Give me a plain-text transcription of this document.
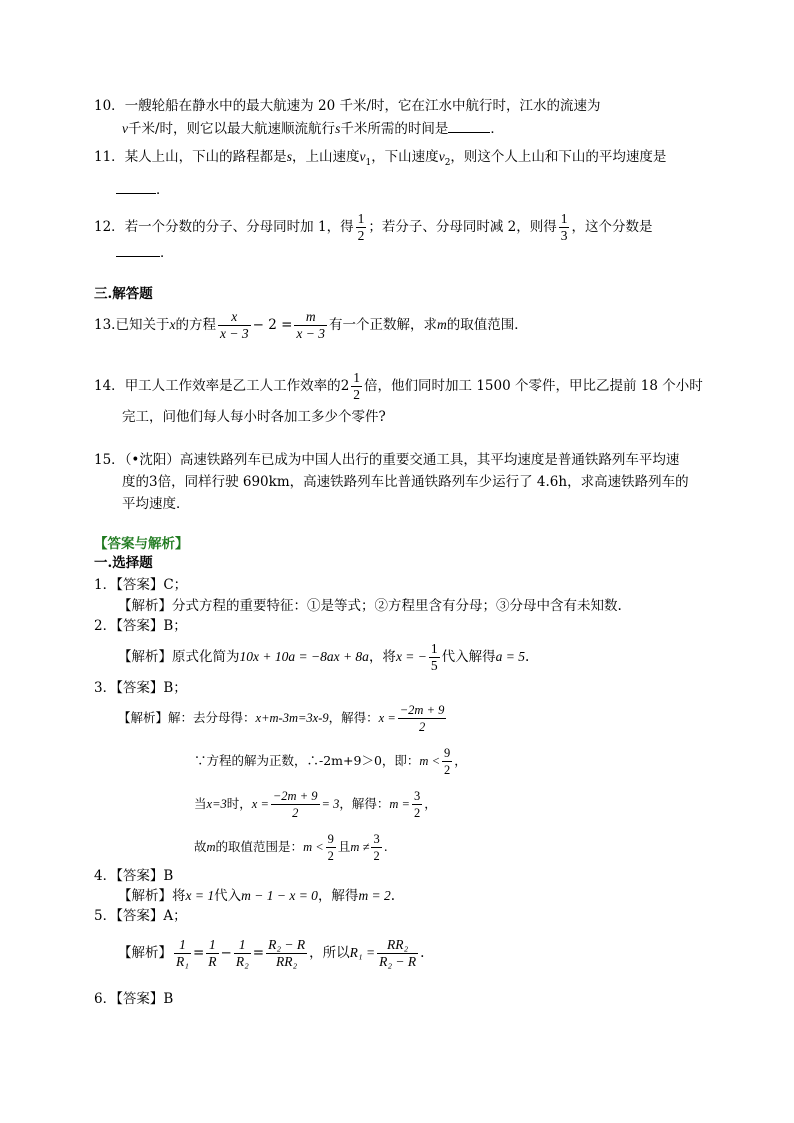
10．一艘轮船在静水中的最大航速为 20 千米/时，它在江水中航行时，江水的流速为
v千米/时，则它以最大航速顺流航行s千米所需的时间是	．
11．某人上山，下山的路程都是s，上山速度$v_1$，下山速度$v_2$，则这个人上山和下山的平均速度是
．
12．若一个分数的分子、分母同时加 1，得 $\frac{1}{2}$ ；若分子、分母同时减 2，则得 $\frac{1}{3}$ ，这个分数是
．
三.解答题
13.已知关于x的方程 $\frac{x}{x - 3} - 2 = \frac{m}{x - 3}$ 有一个正数解，求m的取值范围．
14．甲工人工作效率是乙工人工作效率的$2 \frac{1}{2}$ 倍，他们同时加工 1500 个零件，甲比乙提前 18 个小时
完工，问他们每人每小时各加工多少个零件?
15．（•沈阳）高速铁路列车已成为中国人出行的重要交通工具，其平均速度是普通铁路列车平均速
度的3倍，同样行驶 690km，高速铁路列车比普通铁路列车少运行了 4.6h，求高速铁路列车的
平均速度．
【答案与解析】
一.选择题
1．【答案】C；
【解析】分式方程的重要特征：①是等式；②方程里含有分母；③分母中含有未知数.
2．【答案】B；
【解析】原式化简为10x + 10a = −8ax + 8a，将x = − $\frac{1}{5}$ 代入解得a = 5.
3．【答案】B；
【解析】解：去分母得：x+m-3m=3x-9，解得：$x = \frac{-2m + 9}{2}$
∵方程的解为正数，∴-2m+9＞0，即：$m < \frac{9}{2}$ ，
当x=3时，$x = \frac{-2m + 9}{2} = 3$，解得：$m = \frac{3}{2}$ ，
故m的取值范围是：$m < \frac{9}{2}$ 且$m \ne \frac{3}{2}$ .
4．【答案】B
【解析】将x = 1代入m − 1 − x = 0，解得m = 2.
5．【答案】A；
【解析】 $\frac{1}{\text{R₁}} = \frac{1}{R} - \frac{1}{\text{R₂}} = \frac{\text{R₂ − R}}{\text{RR₂}}$ ，所以$R_1 = \frac{\text{RR₂}}{\text{R₂ − R}}$ .
6．【答案】B
